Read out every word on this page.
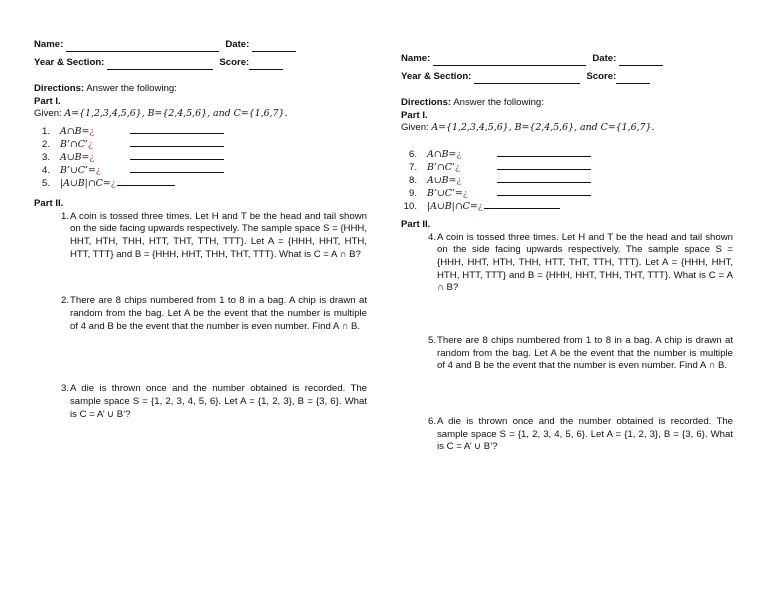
Name:	Date:
Year & Section:	Score:
Directions: Answer the following:
Part I.
Given: A={1,2,3,4,5,6}, B={2,4,5,6}, and C={1,6,7}.
1.	A∩B=¿
2.	B’∩C’¿
3.	A∪B=¿
4.	B’∪C’=¿
5.	|A∪B|∩C=¿
Part II.
1. A coin is tossed three times. Let H and T be the head and tail shown on the side facing upwards respectively. The sample space S = {HHH, HHT, HTH, THH, HTT, THT, TTH, TTT}. Let A = {HHH, HHT, HTH, HTT, TTT} and B = {HHH, HHT, THH, THT, TTT}. What is C = A ∩ B?
2. There are 8 chips numbered from 1 to 8 in a bag. A chip is drawn at random from the bag. Let A be the event that the number is multiple of 4 and B be the event that the number is even number. Find A ∩ B.
3. A die is thrown once and the number obtained is recorded. The sample space S = {1, 2, 3, 4, 5, 6}. Let A = {1, 2, 3}, B = {3, 6}. What is C = A’ ∪ B’?
Name:	Date:
Year & Section:	Score:
Directions: Answer the following:
Part I.
Given: A={1,2,3,4,5,6}, B={2,4,5,6}, and C={1,6,7}.
6.	A∩B=¿
7.	B’∩C’¿
8.	A∪B=¿
9.	B’∪C’=¿
10.	|A∪B|∩C=¿
Part II.
4. A coin is tossed three times. Let H and T be the head and tail shown on the side facing upwards respectively. The sample space S = {HHH, HHT, HTH, THH, HTT, THT, TTH, TTT}. Let A = {HHH, HHT, HTH, HTT, TTT} and B = {HHH, HHT, THH, THT, TTT}. What is C = A ∩ B?
5. There are 8 chips numbered from 1 to 8 in a bag. A chip is drawn at random from the bag. Let A be the event that the number is multiple of 4 and B be the event that the number is even number. Find A ∩ B.
6. A die is thrown once and the number obtained is recorded. The sample space S = {1, 2, 3, 4, 5, 6}. Let A = {1, 2, 3}, B = {3, 6}. What is C = A’ ∪ B’?
